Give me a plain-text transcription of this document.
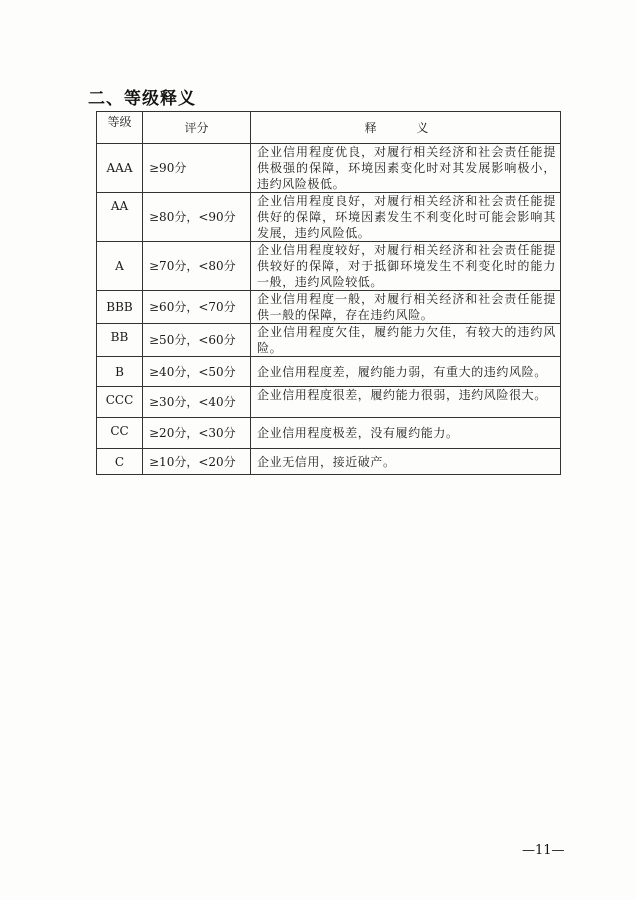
二、等级释义
等级	评分	释 义
AAA	≥90分	企业信用程度优良，对履行相关经济和社会责任能提供极强的保障，环境因素变化时对其发展影响极小，违约风险极低。
AA	≥80分，<90分	企业信用程度良好，对履行相关经济和社会责任能提供好的保障，环境因素发生不利变化时可能会影响其发展，违约风险低。
A	≥70分，<80分	企业信用程度较好，对履行相关经济和社会责任能提供较好的保障，对于抵御环境发生不利变化时的能力一般，违约风险较低。
BBB	≥60分，<70分	企业信用程度一般，对履行相关经济和社会责任能提供一般的保障，存在违约风险。
BB	≥50分，<60分	企业信用程度欠佳，履约能力欠佳，有较大的违约风险。
B	≥40分，<50分	企业信用程度差，履约能力弱，有重大的违约风险。
CCC	≥30分，<40分	企业信用程度很差，履约能力很弱，违约风险很大。
CC	≥20分，<30分	企业信用程度极差，没有履约能力。
C	≥10分，<20分	企业无信用，接近破产。
—11—
